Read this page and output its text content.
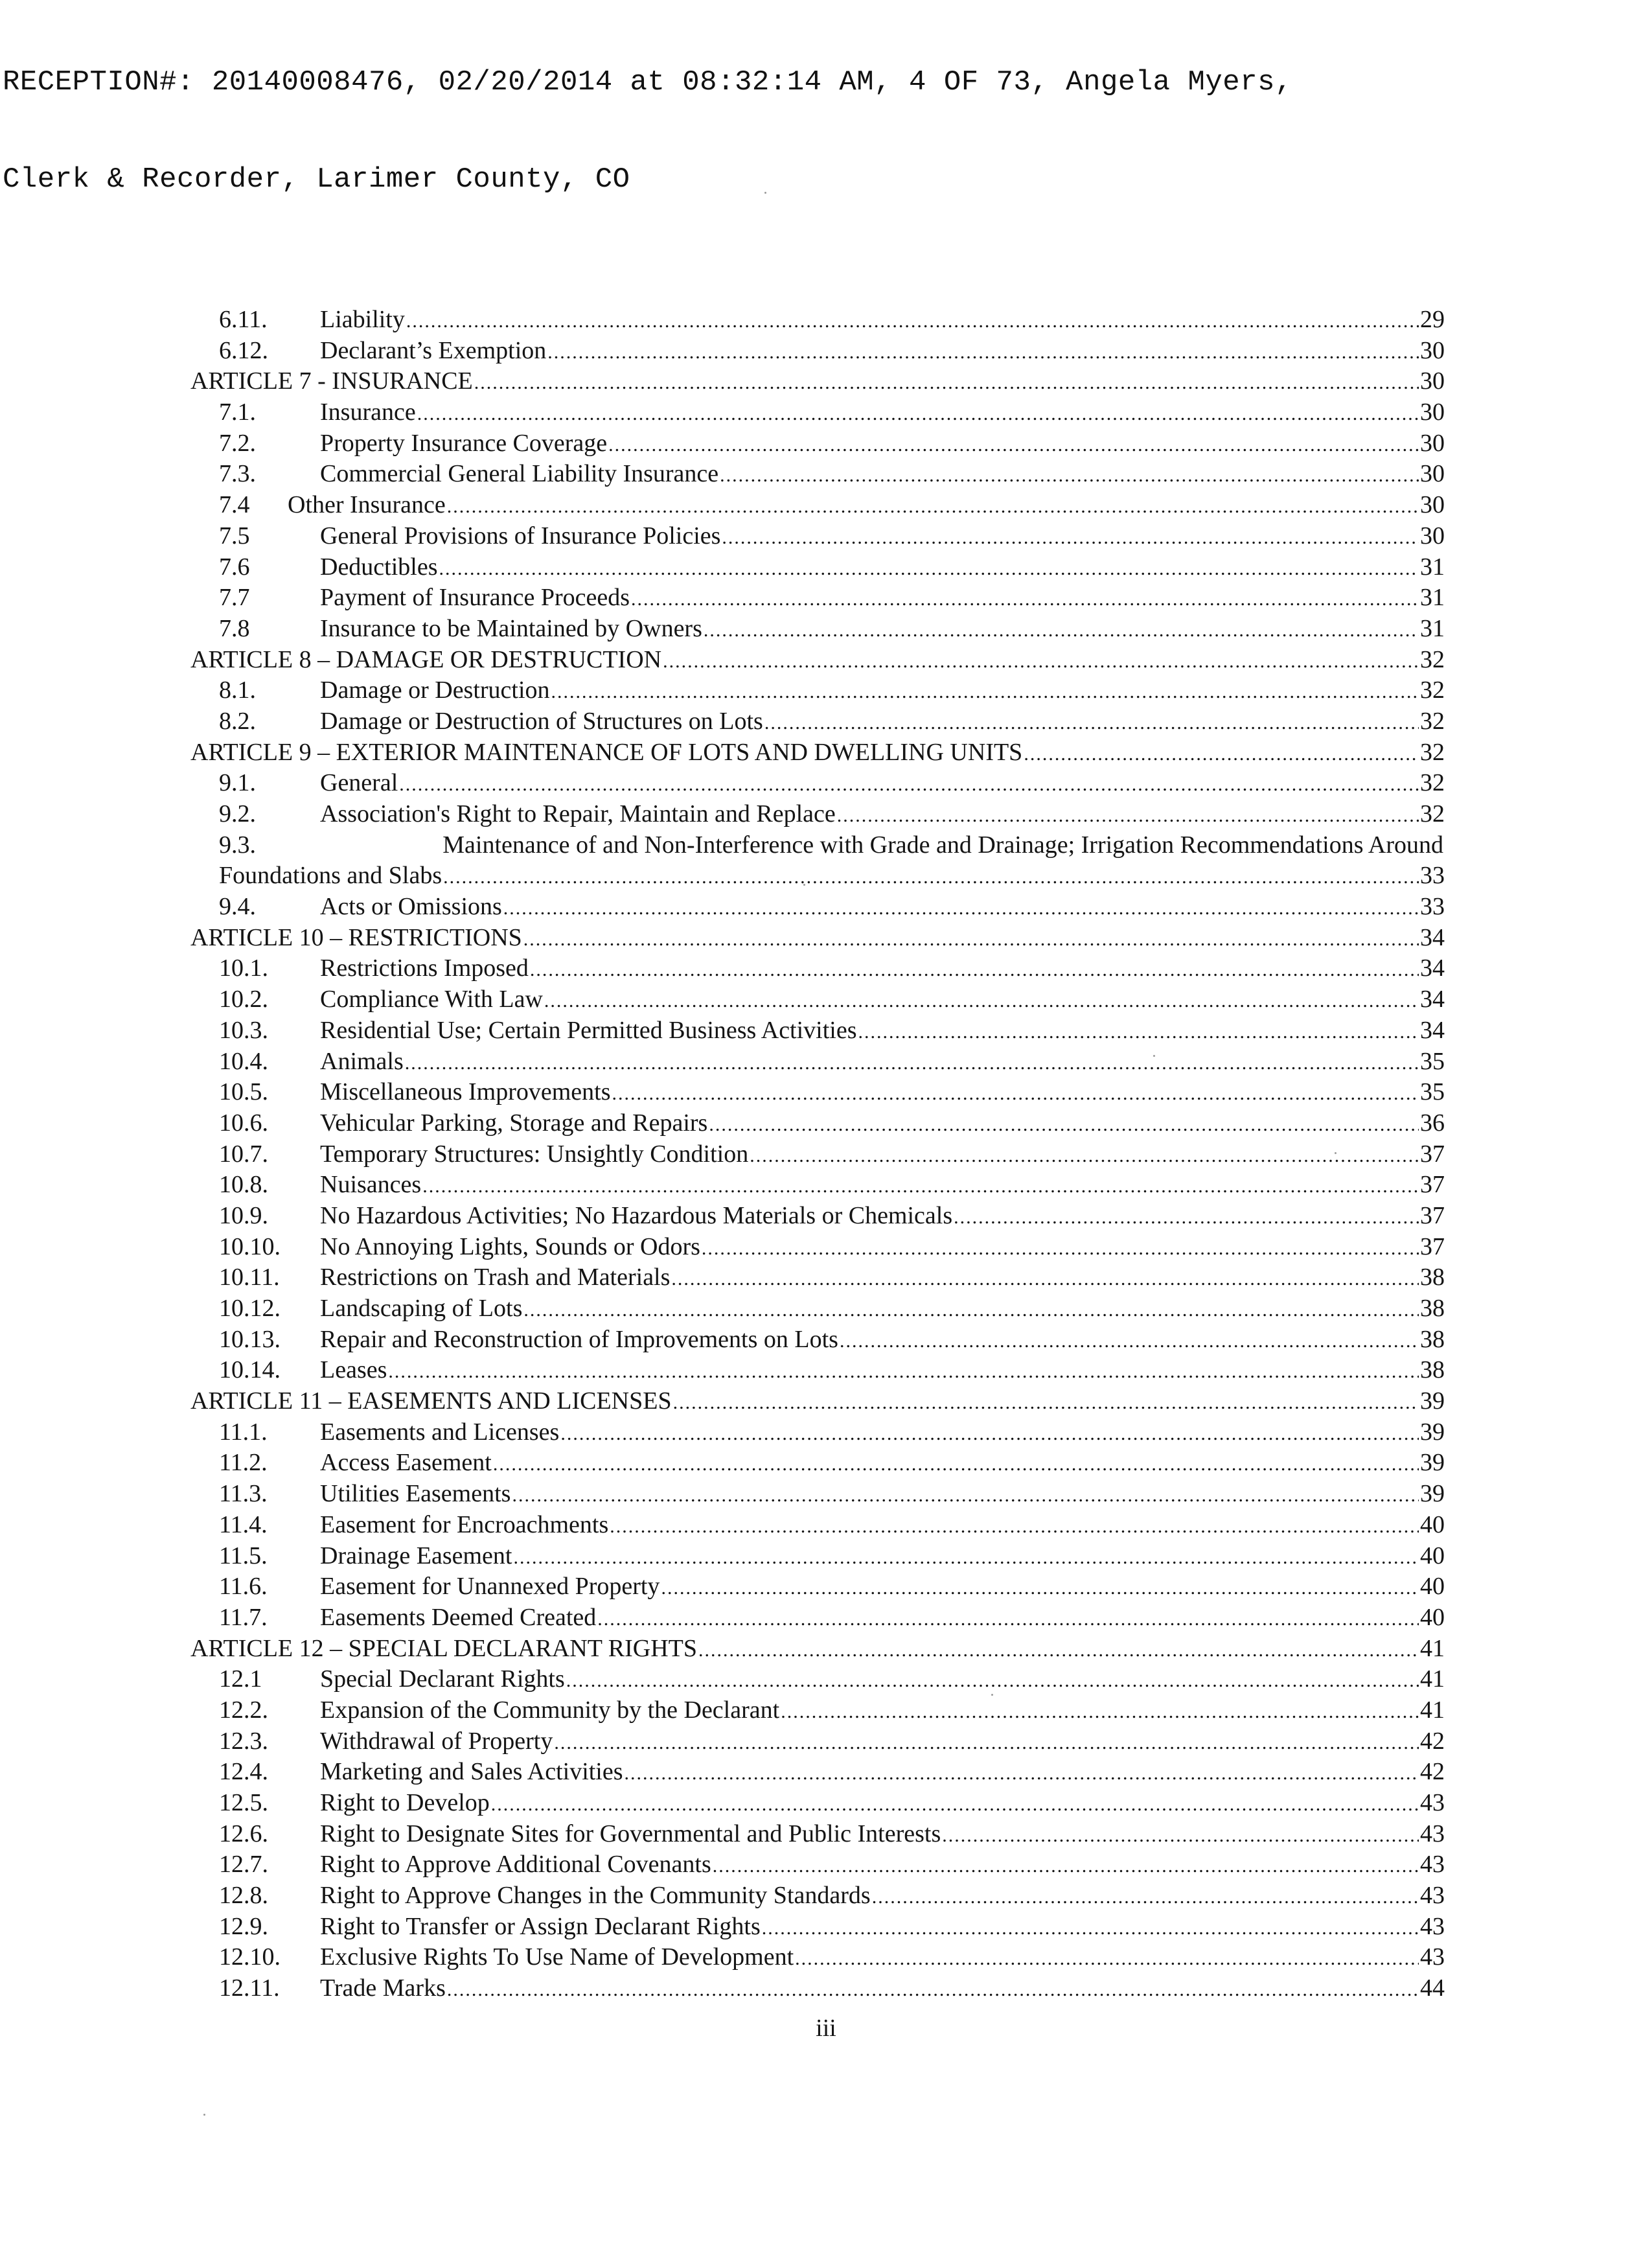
RECEPTION#: 20140008476, 02/20/2014 at 08:32:14 AM, 4 OF 73, Angela Myers,

Clerk & Recorder, Larimer County, CO

6.11. Liability .....	29
6.12. Declarant’s Exemption .....	30
ARTICLE 7 - INSURANCE .....	30
7.1.	Insurance .....	30
7.2.	Property Insurance Coverage .....	30
7.3.	Commercial General Liability Insurance .....	30
7.4 Other Insurance .....	30
7.5	General Provisions of Insurance Policies .....	30
7.6	Deductibles .....	31
7.7	Payment of Insurance Proceeds .....	31
7.8	Insurance to be Maintained by Owners .....	31
ARTICLE 8 – DAMAGE OR DESTRUCTION .....	32
8.1.	Damage or Destruction .....	32
8.2.	Damage or Destruction of Structures on Lots .....	32
ARTICLE 9 – EXTERIOR MAINTENANCE OF LOTS AND DWELLING UNITS .....	32
9.1.	General .....	32
9.2.	Association's Right to Repair, Maintain and Replace .....	32
9.3.	Maintenance of and Non-Interference with Grade and Drainage; Irrigation Recommendations Around
Foundations and Slabs .....	33
9.4.	Acts or Omissions .....	33
ARTICLE 10 – RESTRICTIONS .....	34
10.1. Restrictions Imposed .....	34
10.2. Compliance With Law .....	34
10.3. Residential Use; Certain Permitted Business Activities .....	34
10.4. Animals .....	35
10.5. Miscellaneous Improvements .....	35
10.6. Vehicular Parking, Storage and Repairs .....	36
10.7. Temporary Structures: Unsightly Condition .....	37
10.8. Nuisances .....	37
10.9. No Hazardous Activities; No Hazardous Materials or Chemicals .....	37
10.10. No Annoying Lights, Sounds or Odors .....	37
10.11. Restrictions on Trash and Materials .....	38
10.12. Landscaping of Lots .....	38
10.13. Repair and Reconstruction of Improvements on Lots .....	38
10.14. Leases .....	38
ARTICLE 11 – EASEMENTS AND LICENSES .....	39
11.1. Easements and Licenses .....	39
11.2. Access Easement .....	39
11.3. Utilities Easements .....	39
11.4. Easement for Encroachments .....	40
11.5. Drainage Easement .....	40
11.6. Easement for Unannexed Property .....	40
11.7. Easements Deemed Created .....	40
ARTICLE 12 – SPECIAL DECLARANT RIGHTS .....	41
12.1 Special Declarant Rights .....	41
12.2. Expansion of the Community by the Declarant .....	41
12.3. Withdrawal of Property .....	42
12.4. Marketing and Sales Activities .....	42
12.5. Right to Develop .....	43
12.6. Right to Designate Sites for Governmental and Public Interests .....	43
12.7. Right to Approve Additional Covenants .....	43
12.8. Right to Approve Changes in the Community Standards .....	43
12.9. Right to Transfer or Assign Declarant Rights .....	43
12.10. Exclusive Rights To Use Name of Development .....	43
12.11. Trade Marks .....	44
iii
